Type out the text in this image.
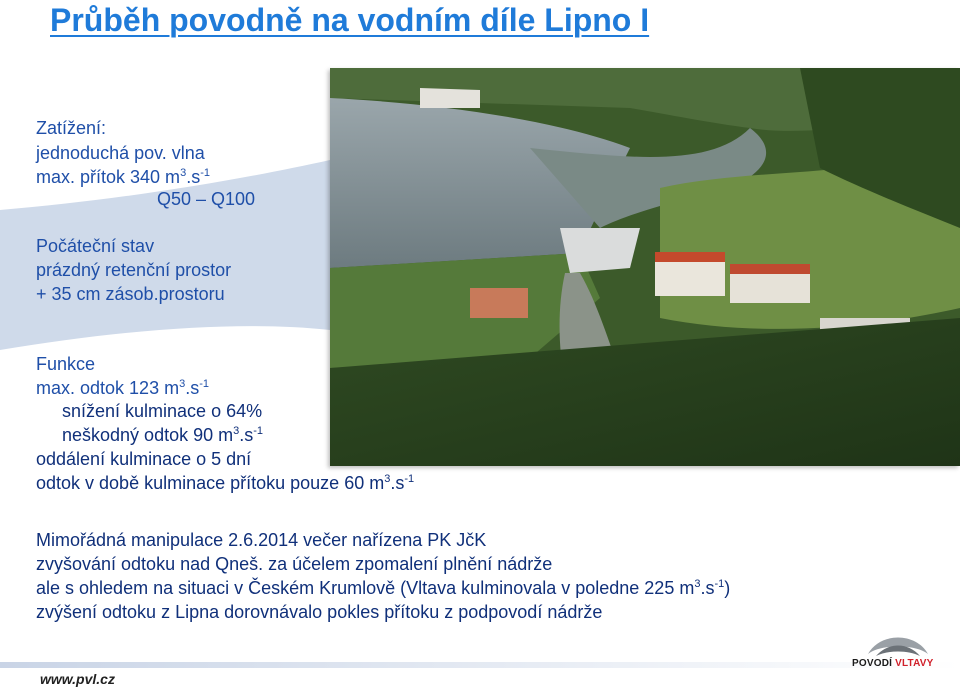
Průběh povodně na vodním díle Lipno I
Zatížení:
jednoduchá pov. vlna
max. přítok 340 $m^3.s^{-1}$
Q50 – Q100
Počáteční stav
prázdný retenční prostor
+ 35 cm zásob.prostoru
Funkce
max. odtok 123 $m^3.s^{-1}$
snížení kulminace o 64%
neškodný odtok 90 $m^3.s^{-1}$
oddálení kulminace o 5 dní
odtok v době kulminace přítoku pouze 60 $m^3.s^{-1}$
Mimořádná manipulace 2.6.2014 večer nařízena PK JčK
zvyšování odtoku nad Qneš. za účelem zpomalení plnění nádrže
ale s ohledem na situaci v Českém Krumlově (Vltava kulminovala v poledne 225 $m^3.s^{-1}$)
zvýšení odtoku z Lipna dorovnávalo pokles přítoku z podpovodí nádrže
www.pvl.cz
POVODÍ VLTAVY
